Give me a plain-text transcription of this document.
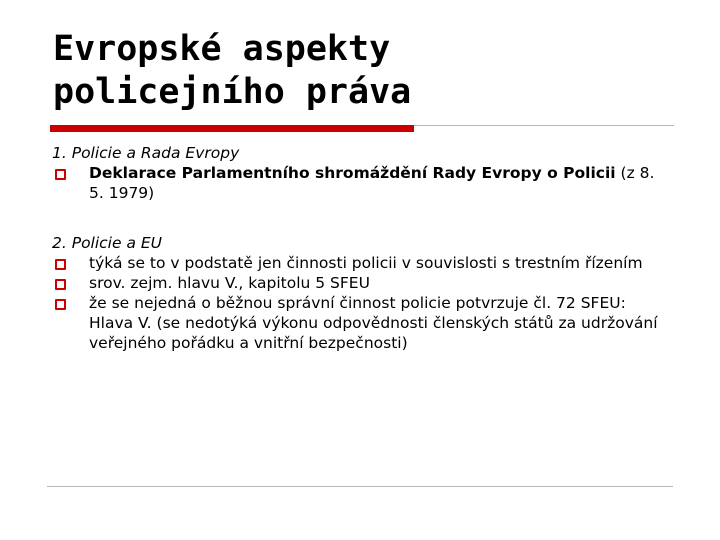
Evropské aspekty
policejního práva

1. Policie a Rada Evropy

Deklarace Parlamentního shromáždění Rady Evropy o Policii (z 8. 5. 1979)

2. Policie a EU

týká se to v podstatě jen činnosti policii v souvislosti s trestním řízením

srov. zejm. hlavu V., kapitolu 5 SFEU

že se nejedná o běžnou správní činnost policie potvrzuje čl. 72 SFEU: Hlava V. (se nedotýká výkonu odpovědnosti členských států za udržování veřejného pořádku a vnitřní bezpečnosti)
